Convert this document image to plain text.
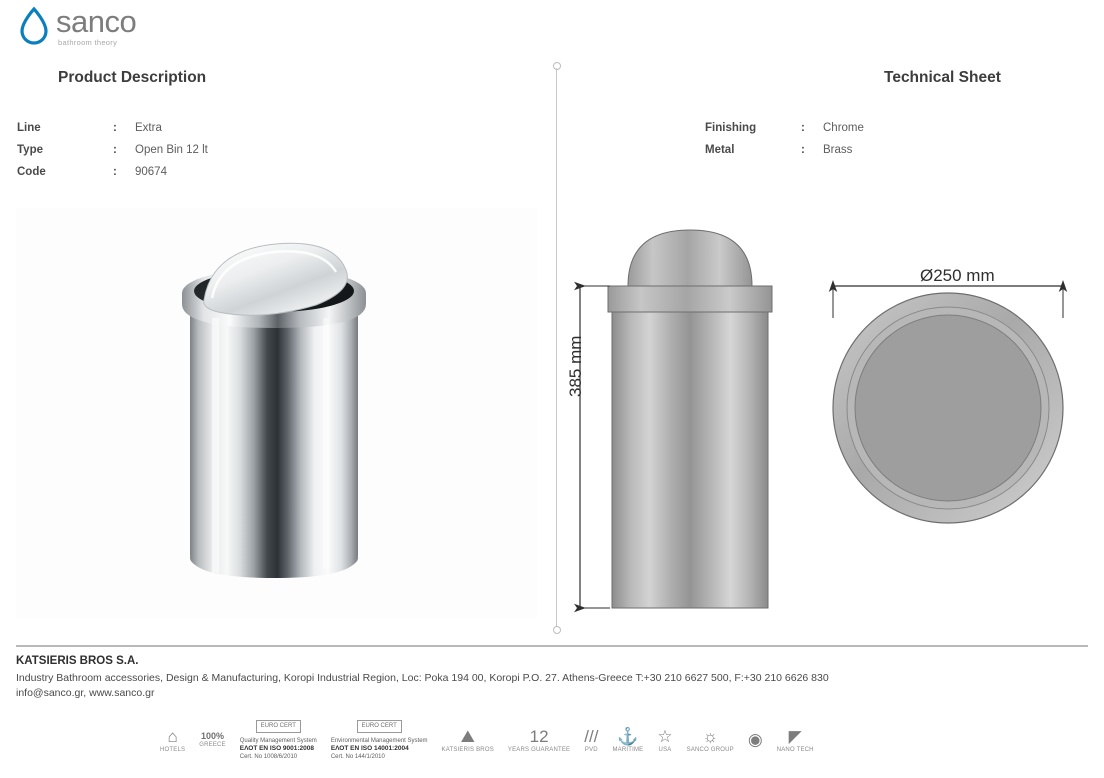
sanco
bathroom theory
Product Description	Technical Sheet
Line	:	Extra
Type	:	Open Bin 12 lt
Code	:	90674
Finishing	:	Chrome
Metal	:	Brass
385 mm
Ø250 mm
KATSIERIS BROS S.A.
Industry Bathroom accessories, Design & Manufacturing, Koropi Industrial Region, Loc: Poka 194 00, Koropi P.O. 27. Athens-Greece T:+30 210 6627 500, F:+30 210 6626 830
info@sanco.gr, www.sanco.gr
⌂
HOTELS
100%
GREECE
EURO CERT
Quality Management System
EΛΟΤ EN ISO 9001:2008
Cert. No 1008/6/2010
EURO CERT
Environmental Management System
EΛΟΤ EN ISO 14001:2004
Cert. No 144/1/2010
⛰
KATSIERIS BROS
12
YEARS GUARANTEE
///
PVD
⚓
MARITIME
☆
USA
☼
SANCO GROUP
◉ ◤
NANO TECH
